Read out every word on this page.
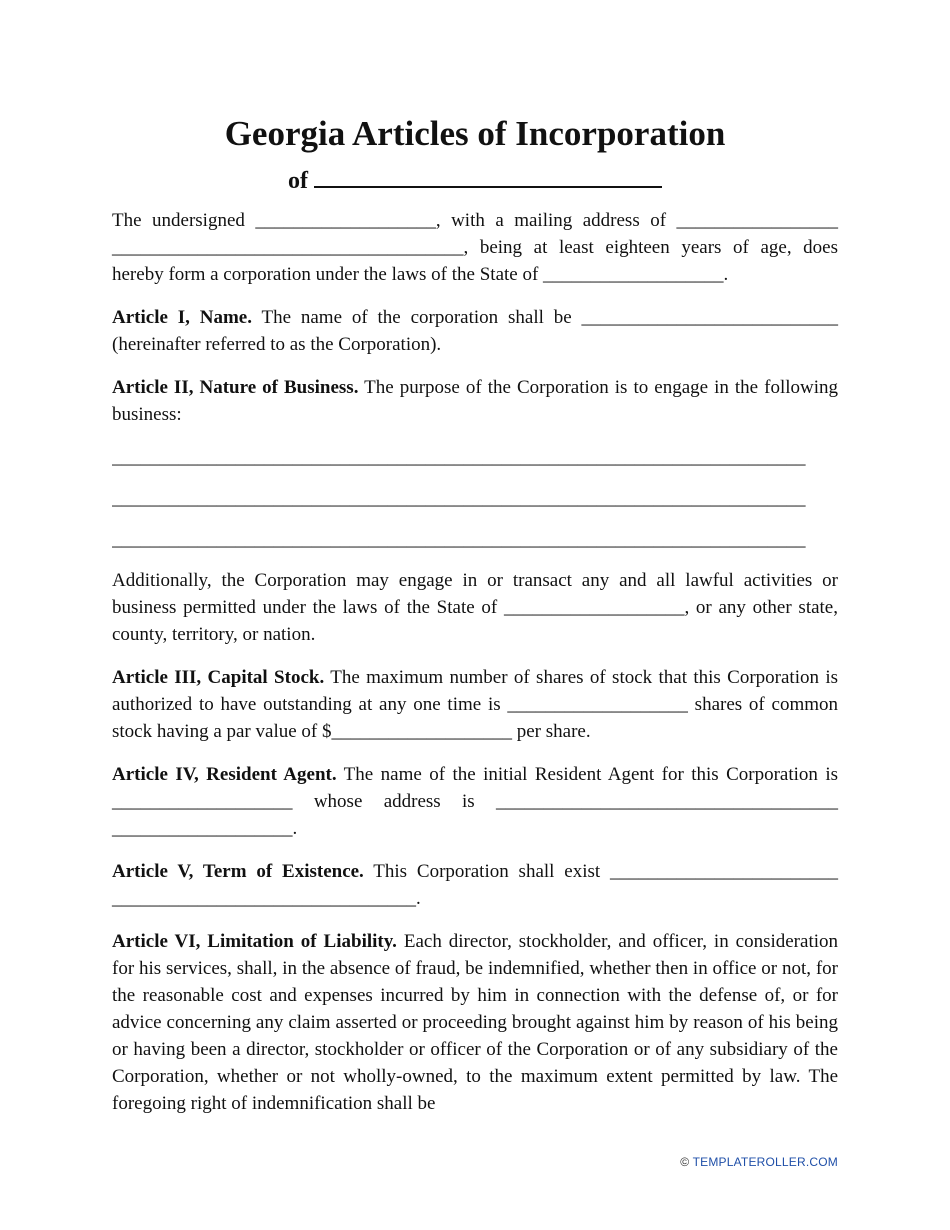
Georgia Articles of Incorporation
of

The undersigned ___________________, with a mailing address of _________________ _____________________________________, being at least eighteen years of age, does hereby form a corporation under the laws of the State of ___________________.

Article I, Name. The name of the corporation shall be ___________________________ (hereinafter referred to as the Corporation).

Article II, Nature of Business. The purpose of the Corporation is to engage in the following business:

_________________________________________________________________________

_________________________________________________________________________

_________________________________________________________________________

Additionally, the Corporation may engage in or transact any and all lawful activities or business permitted under the laws of the State of ___________________, or any other state, county, territory, or nation.

Article III, Capital Stock. The maximum number of shares of stock that this Corporation is authorized to have outstanding at any one time is ___________________ shares of common stock having a par value of $___________________ per share.

Article IV, Resident Agent. The name of the initial Resident Agent for this Corporation is ___________________ whose address is ____________________________________ ___________________.

Article V, Term of Existence. This Corporation shall exist ________________________ ________________________________.

Article VI, Limitation of Liability. Each director, stockholder, and officer, in consideration for his services, shall, in the absence of fraud, be indemnified, whether then in office or not, for the reasonable cost and expenses incurred by him in connection with the defense of, or for advice concerning any claim asserted or proceeding brought against him by reason of his being or having been a director, stockholder or officer of the Corporation or of any subsidiary of the Corporation, whether or not wholly-owned, to the maximum extent permitted by law. The foregoing right of indemnification shall be

© TEMPLATEROLLER.COM
